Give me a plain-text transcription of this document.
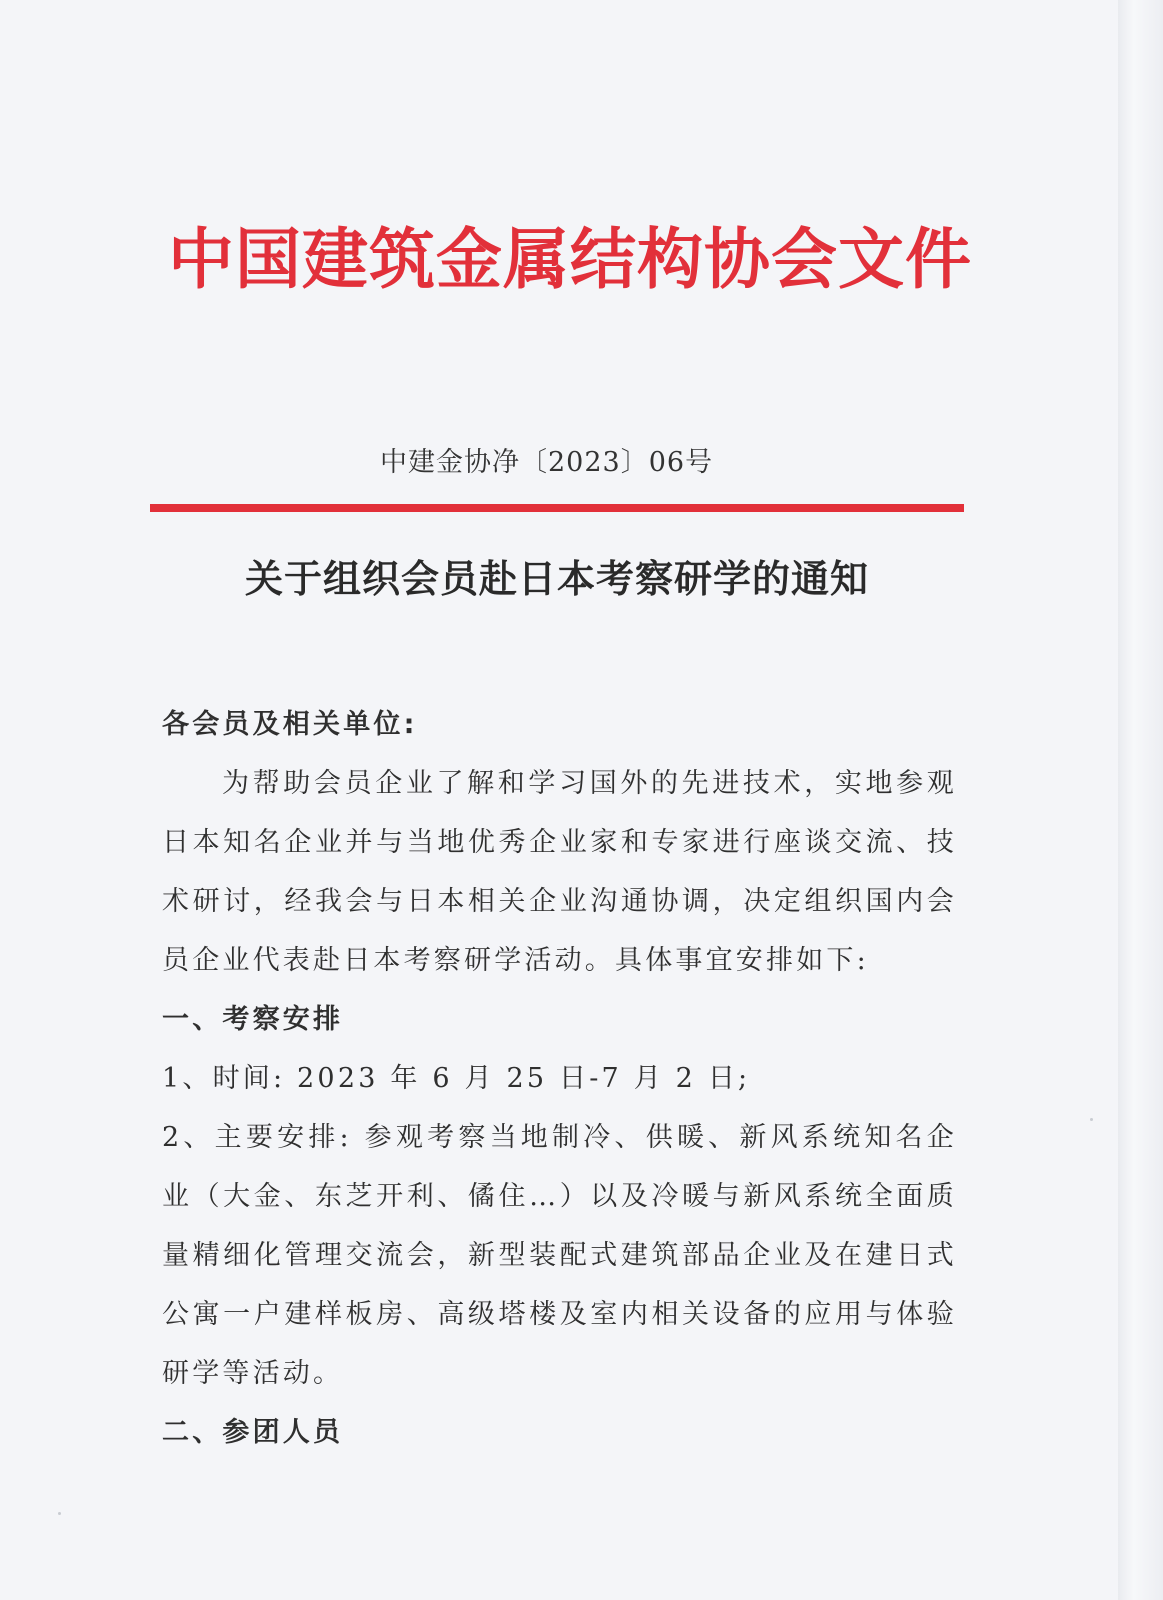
中国建筑金属结构协会文件
中建金协净〔2023〕06号
关于组织会员赴日本考察研学的通知

各会员及相关单位:

为帮助会员企业了解和学习国外的先进技术，实地参观日本知名企业并与当地优秀企业家和专家进行座谈交流、技术研讨，经我会与日本相关企业沟通协调，决定组织国内会员企业代表赴日本考察研学活动。具体事宜安排如下:

一、考察安排

1、时间: 2023 年 6 月 25 日-7 月 2 日;

2、主要安排: 参观考察当地制冷、供暖、新风系统知名企业（大金、东芝开利、僪住…）以及冷暖与新风系统全面质量精细化管理交流会，新型装配式建筑部品企业及在建日式公寓一户建样板房、高级塔楼及室内相关设备的应用与体验研学等活动。

二、参团人员
